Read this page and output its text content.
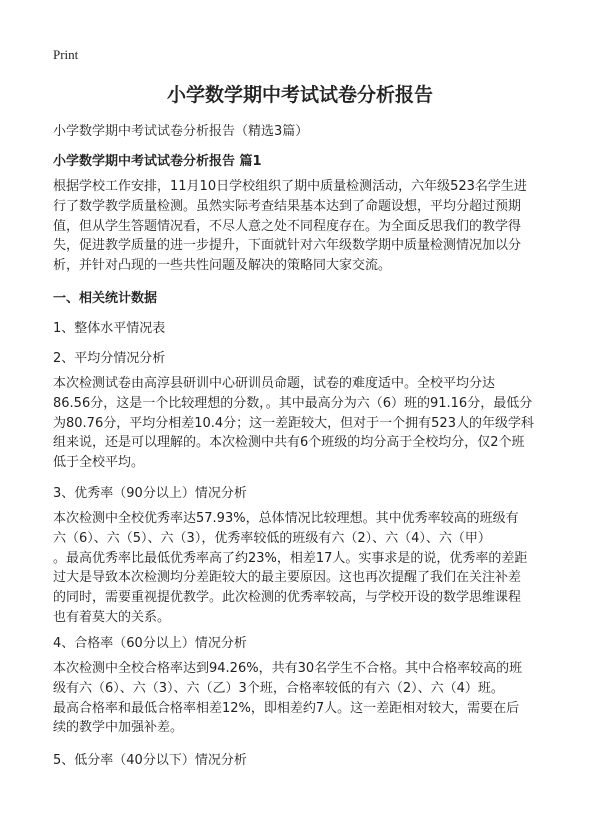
Print
小学数学期中考试试卷分析报告
小学数学期中考试试卷分析报告（精选3篇）
小学数学期中考试试卷分析报告 篇1
根据学校工作安排，11月10日学校组织了期中质量检测活动，六年级523名学生进
行了数学教学质量检测。虽然实际考查结果基本达到了命题设想，平均分超过预期
值，但从学生答题情况看，不尽人意之处不同程度存在。为全面反思我们的教学得
失，促进教学质量的进一步提升，下面就针对六年级数学期中质量检测情况加以分
析，并针对凸现的一些共性问题及解决的策略同大家交流。
一、相关统计数据
1、整体水平情况表
2、平均分情况分析
本次检测试卷由高淳县研训中心研训员命题，试卷的难度适中。全校平均分达
86.56分，这是一个比较理想的分数，。其中最高分为六（6）班的91.16分，最低分
为80.76分，平均分相差10.4分；这一差距较大，但对于一个拥有523人的年级学科
组来说，还是可以理解的。本次检测中共有6个班级的均分高于全校均分，仅2个班
低于全校平均。
3、优秀率（90分以上）情况分析
本次检测中全校优秀率达57.93%，总体情况比较理想。其中优秀率较高的班级有
六（6）、六（5）、六（3），优秀率较低的班级有六（2）、六（4）、六（甲）
。最高优秀率比最低优秀率高了约23%，相差17人。实事求是的说，优秀率的差距
过大是导致本次检测均分差距较大的最主要原因。这也再次提醒了我们在关注补差
的同时，需要重视提优教学。此次检测的优秀率较高，与学校开设的数学思维课程
也有着莫大的关系。
4、合格率（60分以上）情况分析
本次检测中全校合格率达到94.26%，共有30名学生不合格。其中合格率较高的班
级有六（6）、六（3）、六（乙）3个班，合格率较低的有六（2）、六（4）班。
最高合格率和最低合格率相差12%，即相差约7人。这一差距相对较大，需要在后
续的教学中加强补差。
5、低分率（40分以下）情况分析
